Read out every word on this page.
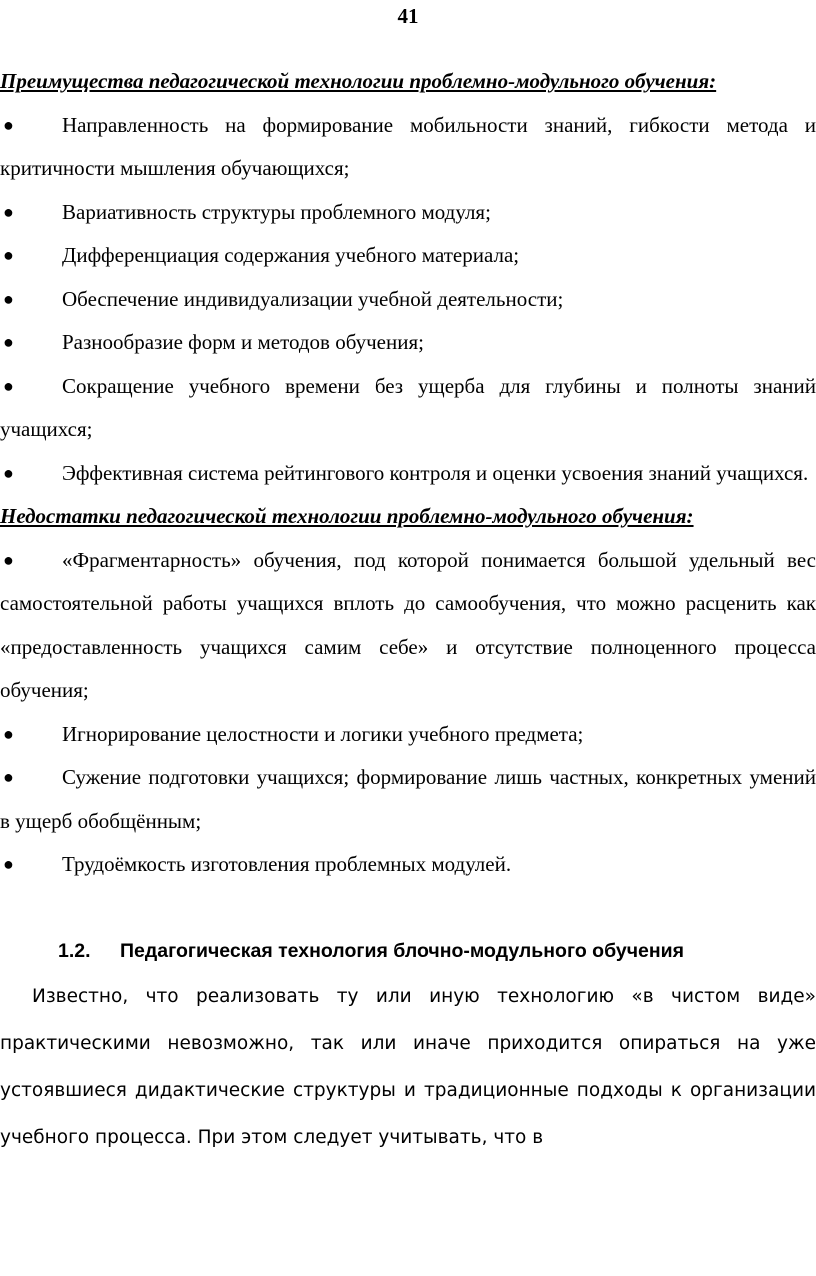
41
Преимущества педагогической технологии проблемно-модульного обучения:
● Направленность на формирование мобильности знаний, гибкости метода и критичности мышления обучающихся;
● Вариативность структуры проблемного модуля;
● Дифференциация содержания учебного материала;
● Обеспечение индивидуализации учебной деятельности;
● Разнообразие форм и методов обучения;
● Сокращение учебного времени без ущерба для глубины и полноты знаний учащихся;
● Эффективная система рейтингового контроля и оценки усвоения знаний учащихся.
Недостатки педагогической технологии проблемно-модульного обучения:
● «Фрагментарность» обучения, под которой понимается большой удельный вес самостоятельной работы учащихся вплоть до самообучения, что можно расценить как «предоставленность учащихся самим себе» и отсутствие полноценного процесса обучения;
● Игнорирование целостности и логики учебного предмета;
● Сужение подготовки учащихся; формирование лишь частных, конкретных умений в ущерб обобщённым;
● Трудоёмкость изготовления проблемных модулей.
1.2. Педагогическая технология блочно-модульного обучения

Известно, что реализовать ту или иную технологию «в чистом виде» практическими невозможно, так или иначе приходится опираться на уже устоявшиеся дидактические структуры и традиционные подходы к организации учебного процесса. При этом следует учитывать, что в
